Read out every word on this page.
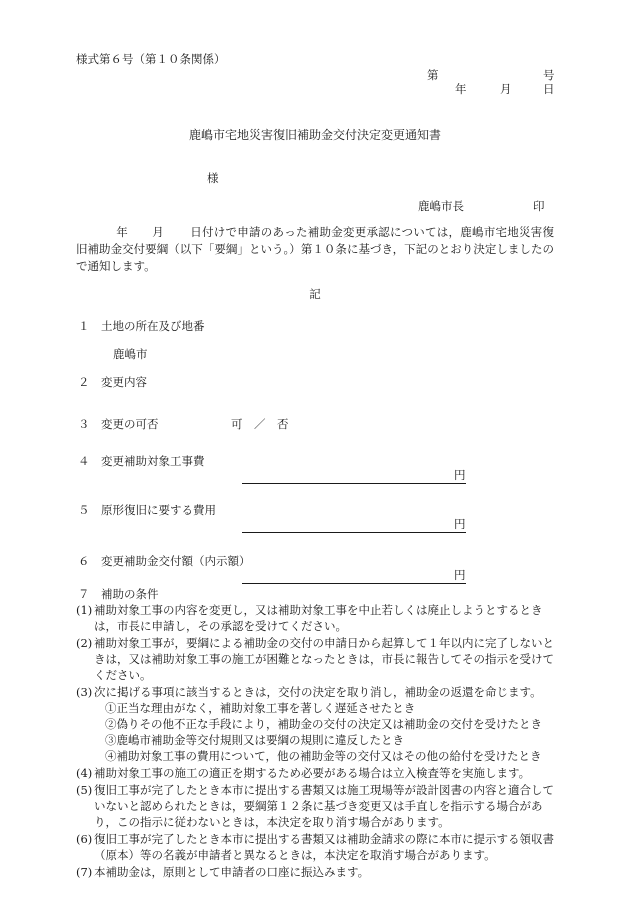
様式第６号（第１０条関係）
第	号
年	月	日
鹿嶋市宅地災害復旧補助金交付決定変更通知書
様
鹿嶋市長	印
年 月 日付けで申請のあった補助金変更承認については，鹿嶋市宅地災害復旧補助金交付要綱（以下「要綱」という。）第１０条に基づき，下記のとおり決定しましたので通知します。
記
１ 土地の所在及び地番
鹿嶋市
２ 変更内容
３ 変更の可否	可　／　否
４ 変更補助対象工事費
円
５ 原形復旧に要する費用
円
６ 変更補助金交付額（内示額）
円
７ 補助の条件
(1) 補助対象工事の内容を変更し，又は補助対象工事を中止若しくは廃止しようとするときは，市長に申請し，その承認を受けてください。
(2) 補助対象工事が，要綱による補助金の交付の申請日から起算して１年以内に完了しないときは，又は補助対象工事の施工が困難となったときは，市長に報告してその指示を受けてください。
(3) 次に掲げる事項に該当するときは，交付の決定を取り消し，補助金の返還を命じます。
①正当な理由がなく，補助対象工事を著しく遅延させたとき
②偽りその他不正な手段により，補助金の交付の決定又は補助金の交付を受けたとき
③鹿嶋市補助金等交付規則又は要綱の規則に違反したとき
④補助対象工事の費用について，他の補助金等の交付又はその他の給付を受けたとき
(4) 補助対象工事の施工の適正を期するため必要がある場合は立入検査等を実施します。
(5) 復旧工事が完了したとき本市に提出する書類又は施工現場等が設計図書の内容と適合していないと認められたときは，要綱第１２条に基づき変更又は手直しを指示する場合があり，この指示に従わないときは，本決定を取り消す場合があります。
(6) 復旧工事が完了したとき本市に提出する書類又は補助金請求の際に本市に提示する領収書（原本）等の名義が申請者と異なるときは，本決定を取消す場合があります。
(7) 本補助金は，原則として申請者の口座に振込みます。
